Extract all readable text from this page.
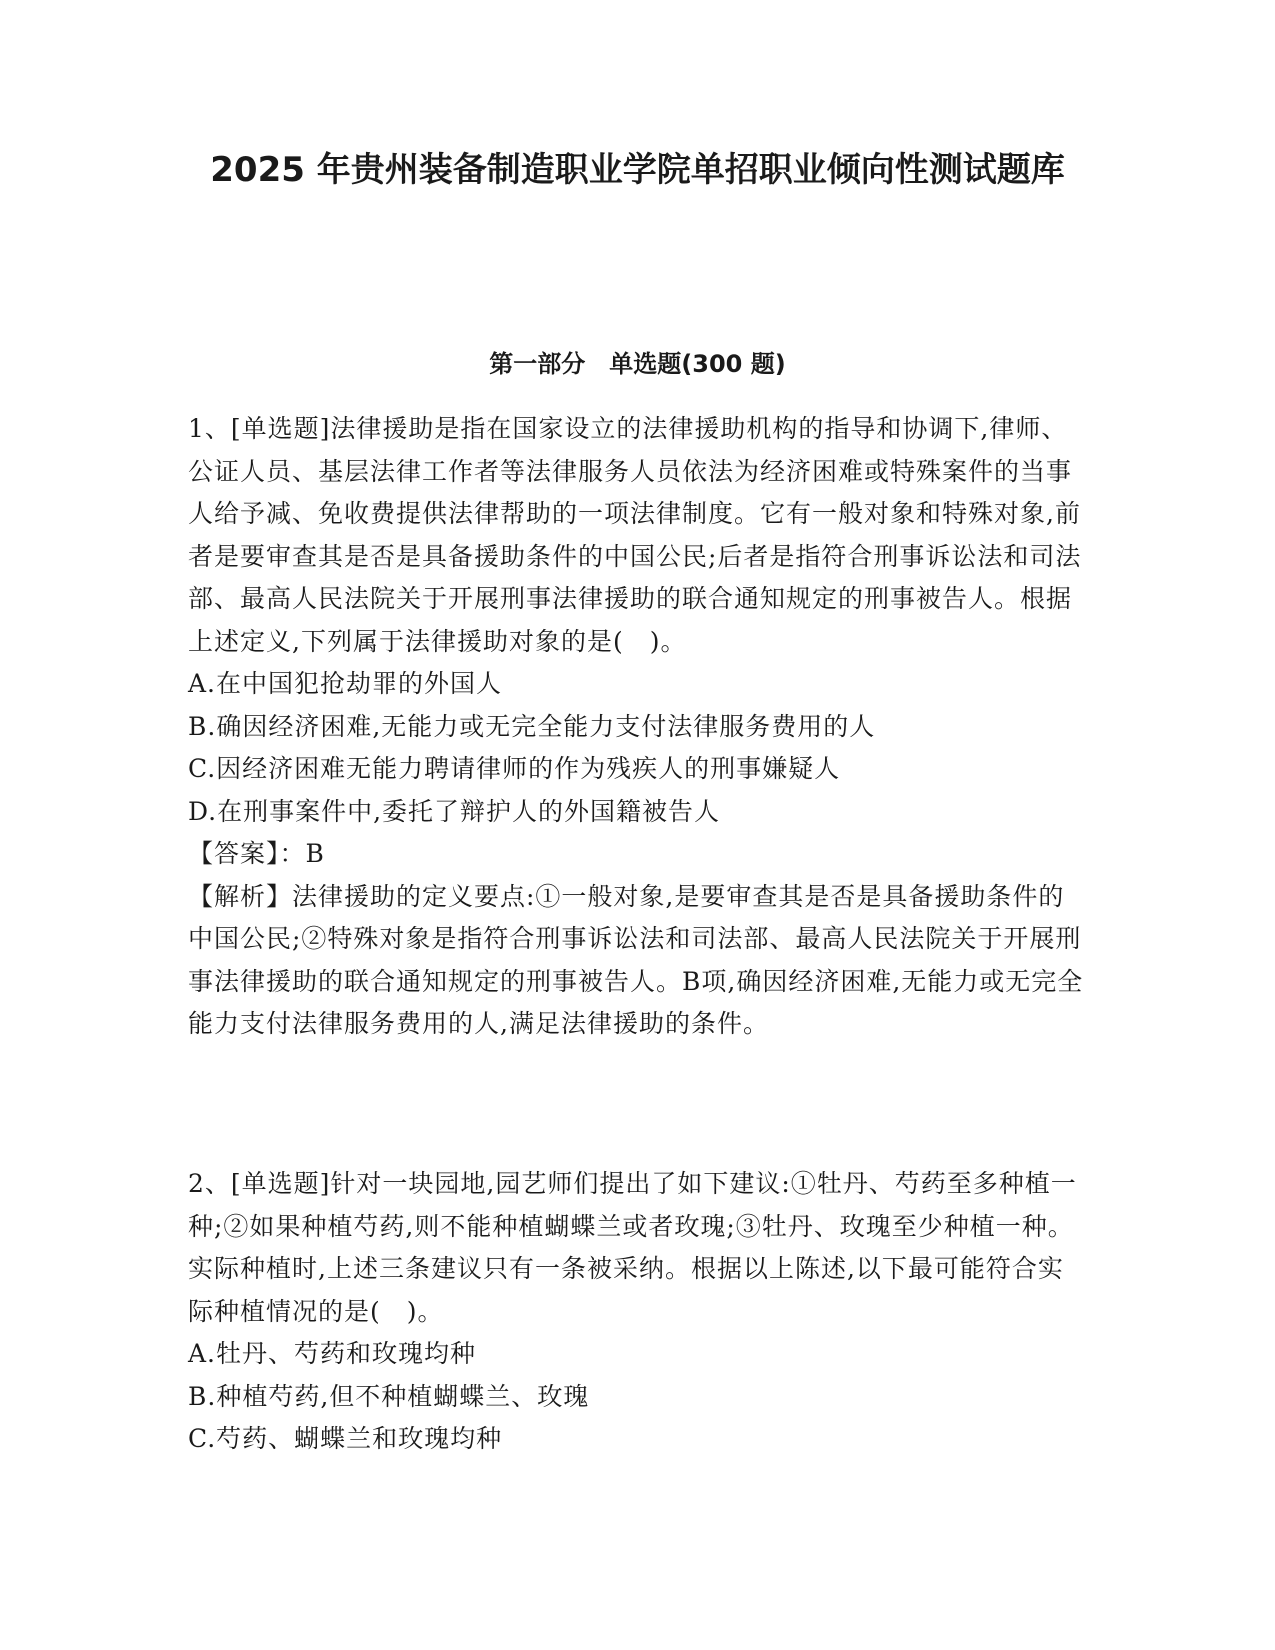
2025 年贵州装备制造职业学院单招职业倾向性测试题库
第一部分　单选题(300 题)

1、[单选题]法律援助是指在国家设立的法律援助机构的指导和协调下,律师、公证人员、基层法律工作者等法律服务人员依法为经济困难或特殊案件的当事人给予减、免收费提供法律帮助的一项法律制度。它有一般对象和特殊对象,前者是要审查其是否是具备援助条件的中国公民;后者是指符合刑事诉讼法和司法部、最高人民法院关于开展刑事法律援助的联合通知规定的刑事被告人。根据上述定义,下列属于法律援助对象的是(　)。

A.在中国犯抢劫罪的外国人

B.确因经济困难,无能力或无完全能力支付法律服务费用的人

C.因经济困难无能力聘请律师的作为残疾人的刑事嫌疑人

D.在刑事案件中,委托了辩护人的外国籍被告人

【答案】：B

【解析】法律援助的定义要点:①一般对象,是要审查其是否是具备援助条件的中国公民;②特殊对象是指符合刑事诉讼法和司法部、最高人民法院关于开展刑事法律援助的联合通知规定的刑事被告人。B项,确因经济困难,无能力或无完全能力支付法律服务费用的人,满足法律援助的条件。

2、[单选题]针对一块园地,园艺师们提出了如下建议:①牡丹、芍药至多种植一种;②如果种植芍药,则不能种植蝴蝶兰或者玫瑰;③牡丹、玫瑰至少种植一种。实际种植时,上述三条建议只有一条被采纳。根据以上陈述,以下最可能符合实际种植情况的是(　)。

A.牡丹、芍药和玫瑰均种

B.种植芍药,但不种植蝴蝶兰、玫瑰

C.芍药、蝴蝶兰和玫瑰均种
